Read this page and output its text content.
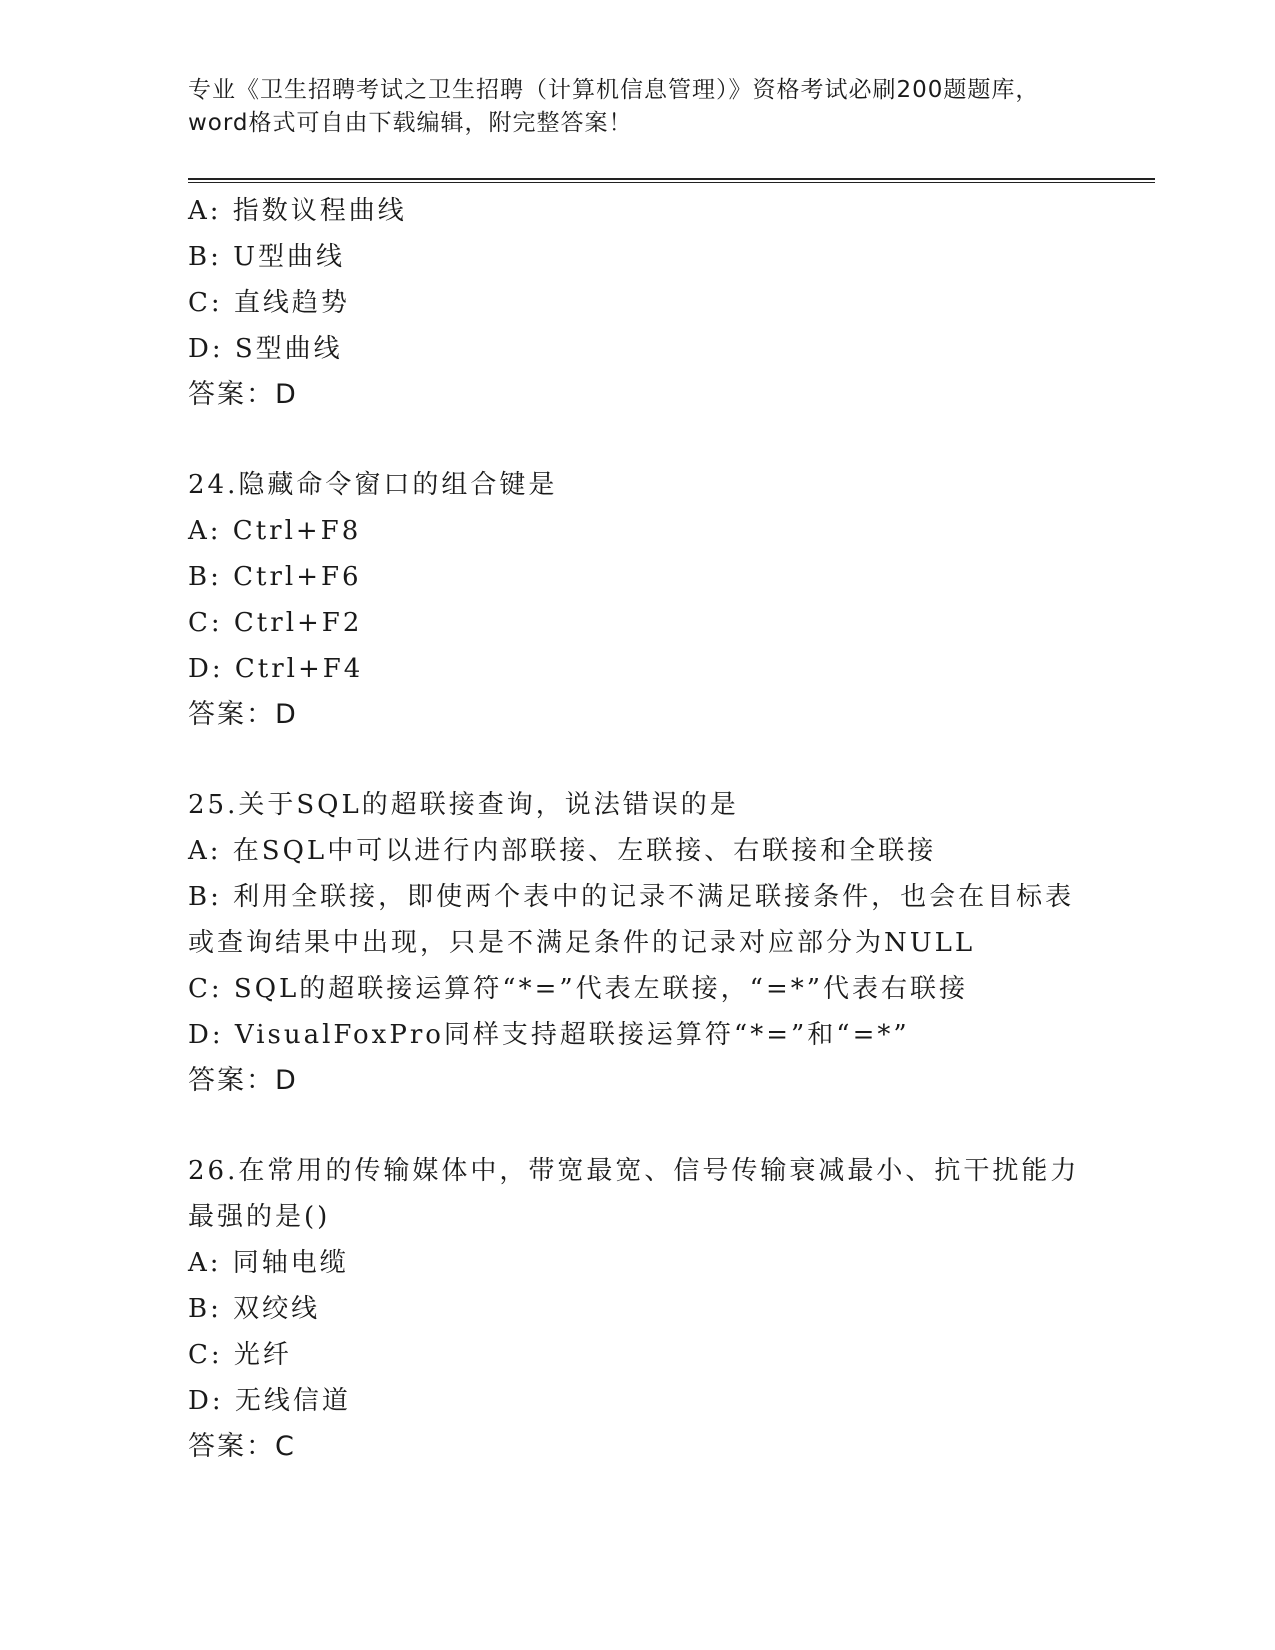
专业《卫生招聘考试之卫生招聘（计算机信息管理）》资格考试必刷200题题库，
word格式可自由下载编辑，附完整答案！
A: 指数议程曲线
B: U型曲线
C: 直线趋势
D: S型曲线
答案：D
24.隐藏命令窗口的组合键是
A: Ctrl+F8
B: Ctrl+F6
C: Ctrl+F2
D: Ctrl+F4
答案：D
25.关于SQL的超联接查询，说法错误的是
A: 在SQL中可以进行内部联接、左联接、右联接和全联接
B: 利用全联接，即使两个表中的记录不满足联接条件，也会在目标表或查询结果中出现，只是不满足条件的记录对应部分为NULL
C: SQL的超联接运算符“*=”代表左联接，“=*”代表右联接
D: VisualFoxPro同样支持超联接运算符“*=”和“=*”
答案：D
26.在常用的传输媒体中，带宽最宽、信号传输衰减最小、抗干扰能力最强的是()
A: 同轴电缆
B: 双绞线
C: 光纤
D: 无线信道
答案：C
